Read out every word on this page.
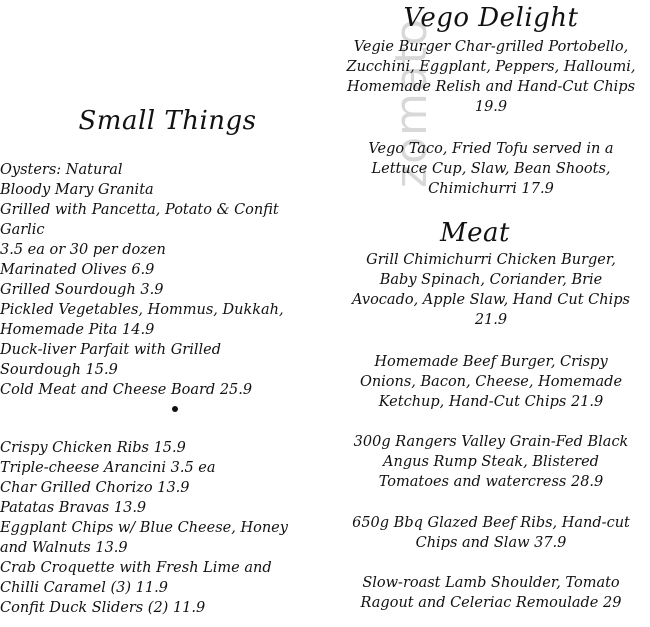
zomato
Small Things

Oysters: Natural
Bloody Mary Granita
Grilled with Pancetta, Potato & Confit
Garlic
3.5 ea or 30 per dozen

Marinated Olives 6.9

Grilled Sourdough 3.9

Pickled Vegetables, Hommus, Dukkah,
Homemade Pita 14.9

Duck-liver Parfait with Grilled
Sourdough 15.9

Cold Meat and Cheese Board 25.9

Crispy Chicken Ribs 15.9

Triple-cheese Arancini 3.5 ea

Char Grilled Chorizo 13.9

Patatas Bravas 13.9

Eggplant Chips w/ Blue Cheese, Honey
and Walnuts 13.9

Crab Croquette with Fresh Lime and
Chilli Caramel (3) 11.9

Confit Duck Sliders (2) 11.9

Vego Delight

Vegie Burger Char-grilled Portobello,
Zucchini, Eggplant, Peppers, Halloumi,
Homemade Relish and Hand-Cut Chips
19.9

Vego Taco, Fried Tofu served in a
Lettuce Cup, Slaw, Bean Shoots,
Chimichurri 17.9

Meat

Grill Chimichurri Chicken Burger,
Baby Spinach, Coriander, Brie
Avocado, Apple Slaw, Hand Cut Chips
21.9

Homemade Beef Burger, Crispy
Onions, Bacon, Cheese, Homemade
Ketchup, Hand-Cut Chips 21.9

300g Rangers Valley Grain-Fed Black
Angus Rump Steak, Blistered
Tomatoes and watercress 28.9

650g Bbq Glazed Beef Ribs, Hand-cut
Chips and Slaw 37.9

Slow-roast Lamb Shoulder, Tomato
Ragout and Celeriac Remoulade 29
